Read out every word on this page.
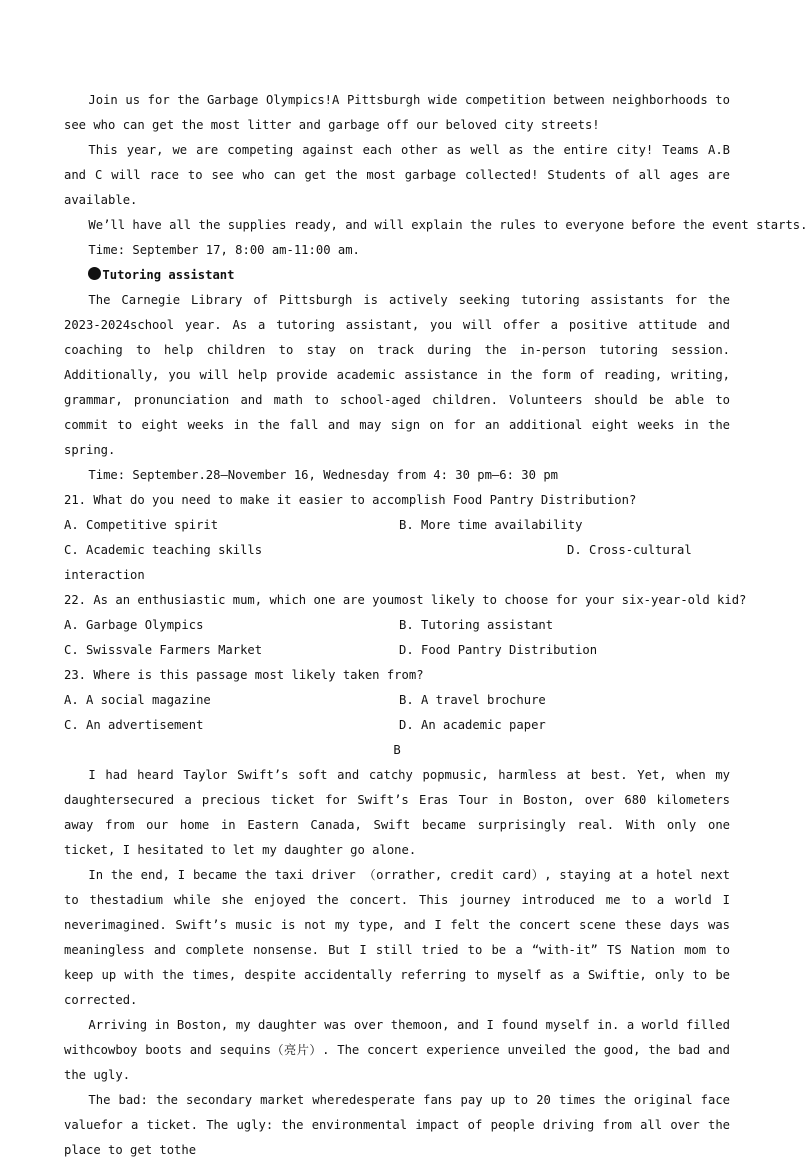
Join us for the Garbage Olympics!A Pittsburgh wide competition between neighborhoods to see who can get the most litter and garbage off our beloved city streets!

This year, we are competing against each other as well as the entire city! Teams A.B and C will race to see who can get the most garbage collected! Students of all ages are available.

We’ll have all the supplies ready, and will explain the rules to everyone before the event starts.

Time: September 17, 8:00 am-11:00 am.

Tutoring assistant

The Carnegie Library of Pittsburgh is actively seeking tutoring assistants for the 2023-2024school year. As a tutoring assistant, you will offer a positive attitude and coaching to help children to stay on track during the in-person tutoring session. Additionally, you will help provide academic assistance in the form of reading, writing, grammar, pronunciation and math to school-aged children. Volunteers should be able to commit to eight weeks in the fall and may sign on for an additional eight weeks in the spring.

Time: September.28—November 16, Wednesday from 4: 30 pm—6: 30 pm

21. What do you need to make it easier to accomplish Food Pantry Distribution?

A. Competitive spirit	B. More time availability
C. Academic teaching skills	D. Cross-cultural

interaction

22. As an enthusiastic mum, which one are youmost likely to choose for your six-year-old kid?

A. Garbage Olympics	B. Tutoring assistant
C. Swissvale Farmers Market	D. Food Pantry Distribution

23. Where is this passage most likely taken from?

A. A social magazine	B. A travel brochure
C. An advertisement	D. An academic paper

B

I had heard Taylor Swift’s soft and catchy popmusic, harmless at best. Yet, when my daughtersecured a precious ticket for Swift’s Eras Tour in Boston, over 680 kilometers away from our home in Eastern Canada, Swift became surprisingly real. With only one ticket, I hesitated to let my daughter go alone.

In the end, I became the taxi driver （orrather, credit card）, staying at a hotel next to thestadium while she enjoyed the concert. This journey introduced me to a world I neverimagined. Swift’s music is not my type, and I felt the concert scene these days was meaningless and complete nonsense. But I still tried to be a “with-it” TS Nation mom to keep up with the times, despite accidentally referring to myself as a Swiftie, only to be corrected.

Arriving in Boston, my daughter was over themoon, and I found myself in. a world filled withcowboy boots and sequins（亮片）. The concert experience unveiled the good, the bad and the ugly.

The bad: the secondary market wheredesperate fans pay up to 20 times the original face valuefor a ticket. The ugly: the environmental impact of people driving from all over the place to get tothe
